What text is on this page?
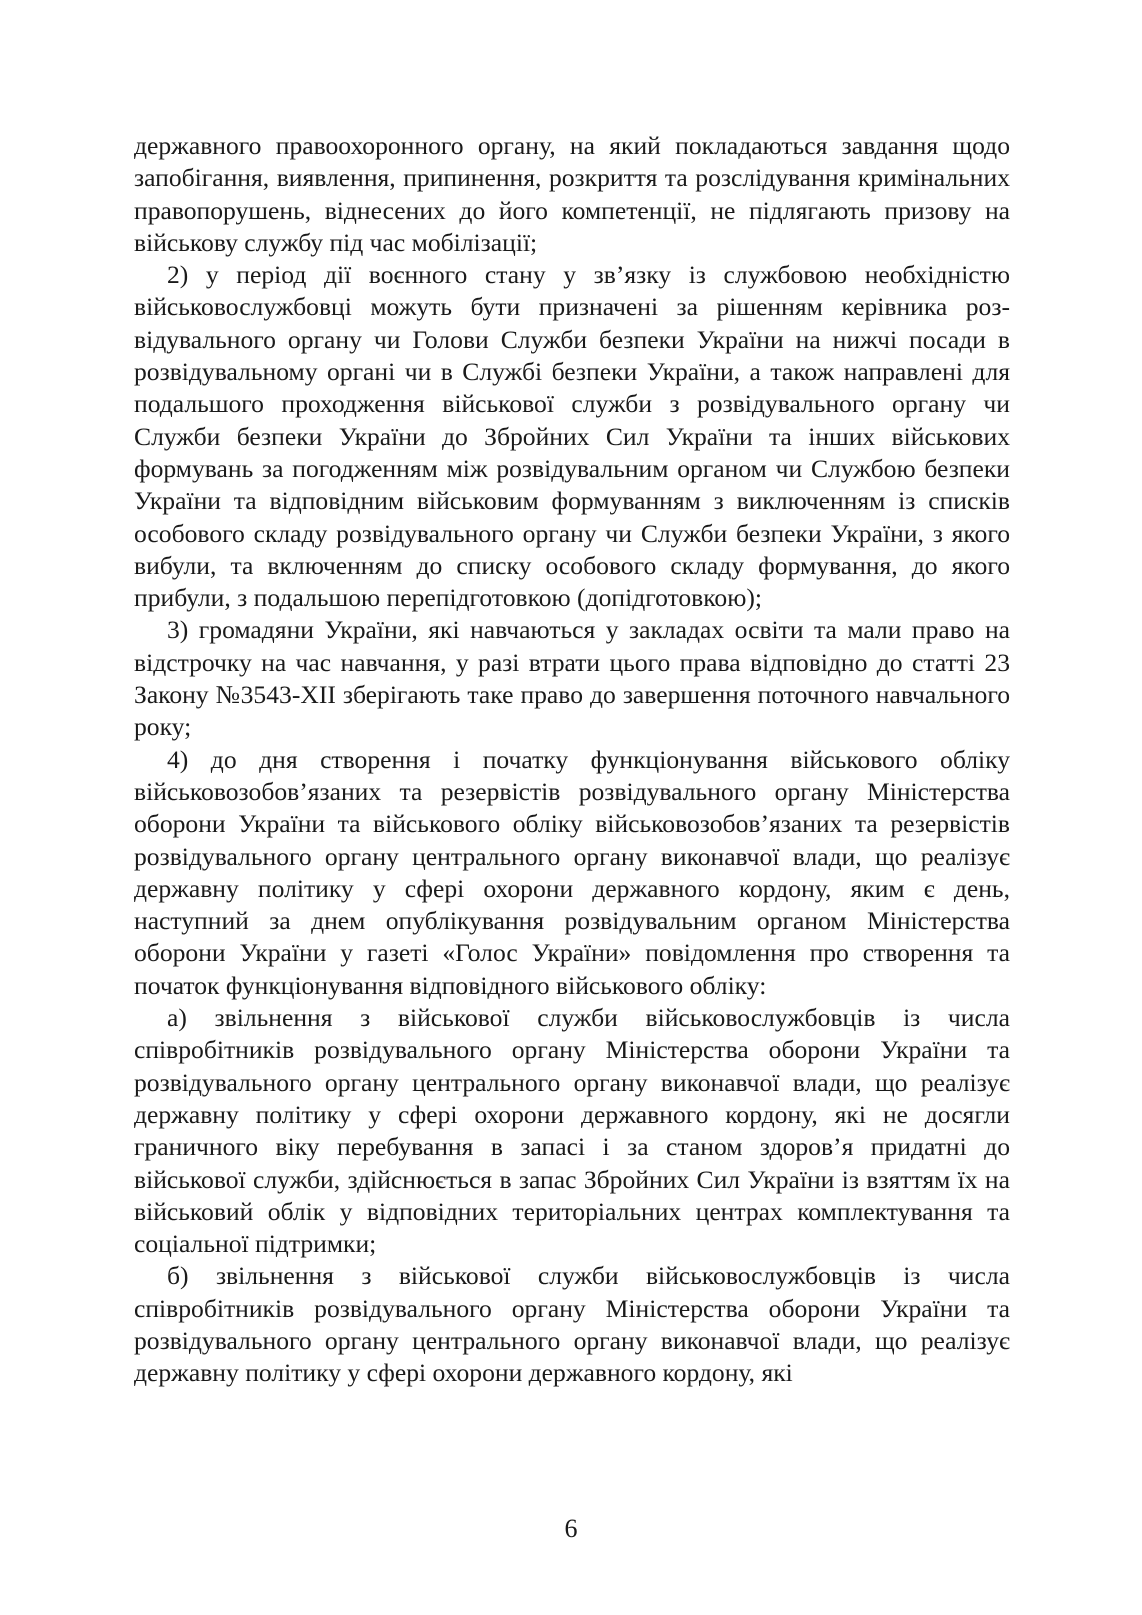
державного правоохоронного органу, на який покладаються завдання щодо запобігання, виявлення, припинення, розкриття та розслідування кримінальних правопорушень, віднесених до його компетенції, не підлягають призову на військову службу під час мобілізації;

2) у період дії воєнного стану у зв’язку із службовою необхідністю військовослужбовці можуть бути призначені за рішенням керівника розвідувального органу чи Голови Служби безпеки України на нижчі посади в розвідувальному органі чи в Службі безпеки України, а також направлені для подальшого проходження військової служби з розвідувального органу чи Служби безпеки України до Збройних Сил України та інших військових формувань за погодженням між розвідувальним органом чи Службою безпеки України та відповідним військовим формуванням з виключенням із списків особового складу розвідувального органу чи Служби безпеки України, з якого вибули, та включенням до списку особового складу формування, до якого прибули, з подальшою перепідготовкою (допідготовкою);

3) громадяни України, які навчаються у закладах освіти та мали право на відстрочку на час навчання, у разі втрати цього права відповідно до статті 23 Закону №3543-XII зберігають таке право до завершення поточного навчального року;

4) до дня створення і початку функціонування військового обліку військовозобов’язаних та резервістів розвідувального органу Міністерства оборони України та військового обліку військовозобов’язаних та резервістів розвідувального органу центрального органу виконавчої влади, що реалізує державну політику у сфері охорони державного кордону, яким є день, наступний за днем опублікування розвідувальним органом Міністерства оборони України у газеті «Голос України» повідомлення про створення та початок функціонування відповідного військового обліку:

а) звільнення з військової служби військовослужбовців із числа співробітників розвідувального органу Міністерства оборони України та розвідувального органу центрального органу виконавчої влади, що реалізує державну політику у сфері охорони державного кордону, які не досягли граничного віку перебування в запасі і за станом здоров’я придатні до військової служби, здійснюється в запас Збройних Сил України із взяттям їх на військовий облік у відповідних територіальних центрах комплектування та соціальної підтримки;

б) звільнення з військової служби військовослужбовців із числа співробітників розвідувального органу Міністерства оборони України та розвідувального органу центрального органу виконавчої влади, що реалізує державну політику у сфері охорони державного кордону, які

6
